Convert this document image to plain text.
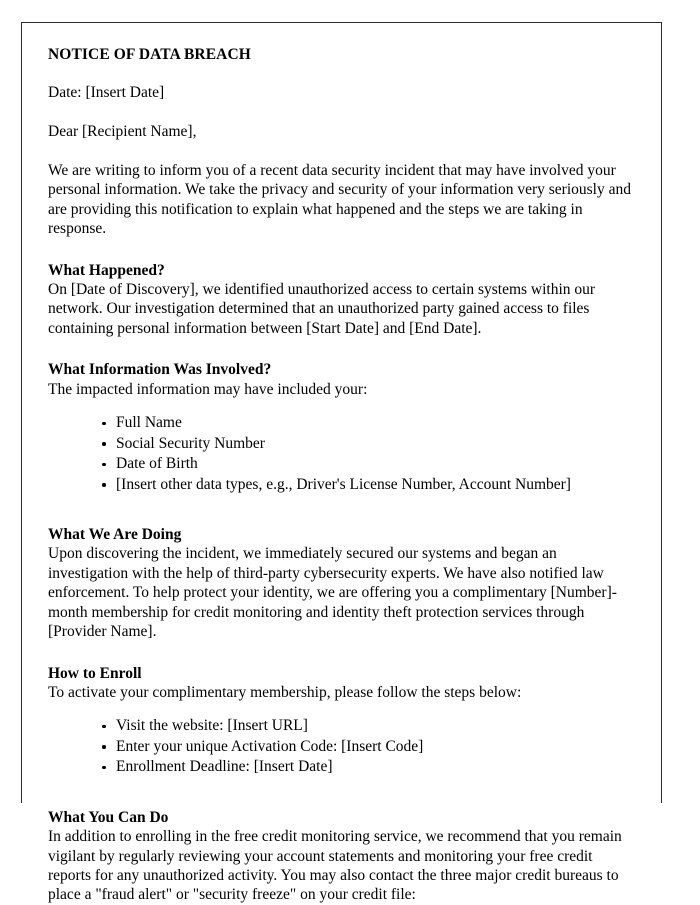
NOTICE OF DATA BREACH
Date: [Insert Date]
Dear [Recipient Name],

We are writing to inform you of a recent data security incident that may have involved your personal information. We take the privacy and security of your information very seriously and are providing this notification to explain what happened and the steps we are taking in response.

What Happened?

On [Date of Discovery], we identified unauthorized access to certain systems within our network. Our investigation determined that an unauthorized party gained access to files containing personal information between [Start Date] and [End Date].

What Information Was Involved?

The impacted information may have included your:

Full Name
Social Security Number
Date of Birth
[Insert other data types, e.g., Driver's License Number, Account Number]
What We Are Doing

Upon discovering the incident, we immediately secured our systems and began an investigation with the help of third-party cybersecurity experts. We have also notified law enforcement. To help protect your identity, we are offering you a complimentary [Number]-month membership for credit monitoring and identity theft protection services through [Provider Name].

How to Enroll

To activate your complimentary membership, please follow the steps below:

Visit the website: [Insert URL]
Enter your unique Activation Code: [Insert Code]
Enrollment Deadline: [Insert Date]
What You Can Do

In addition to enrolling in the free credit monitoring service, we recommend that you remain vigilant by regularly reviewing your account statements and monitoring your free credit reports for any unauthorized activity. You may also contact the three major credit bureaus to place a "fraud alert" or "security freeze" on your credit file:
